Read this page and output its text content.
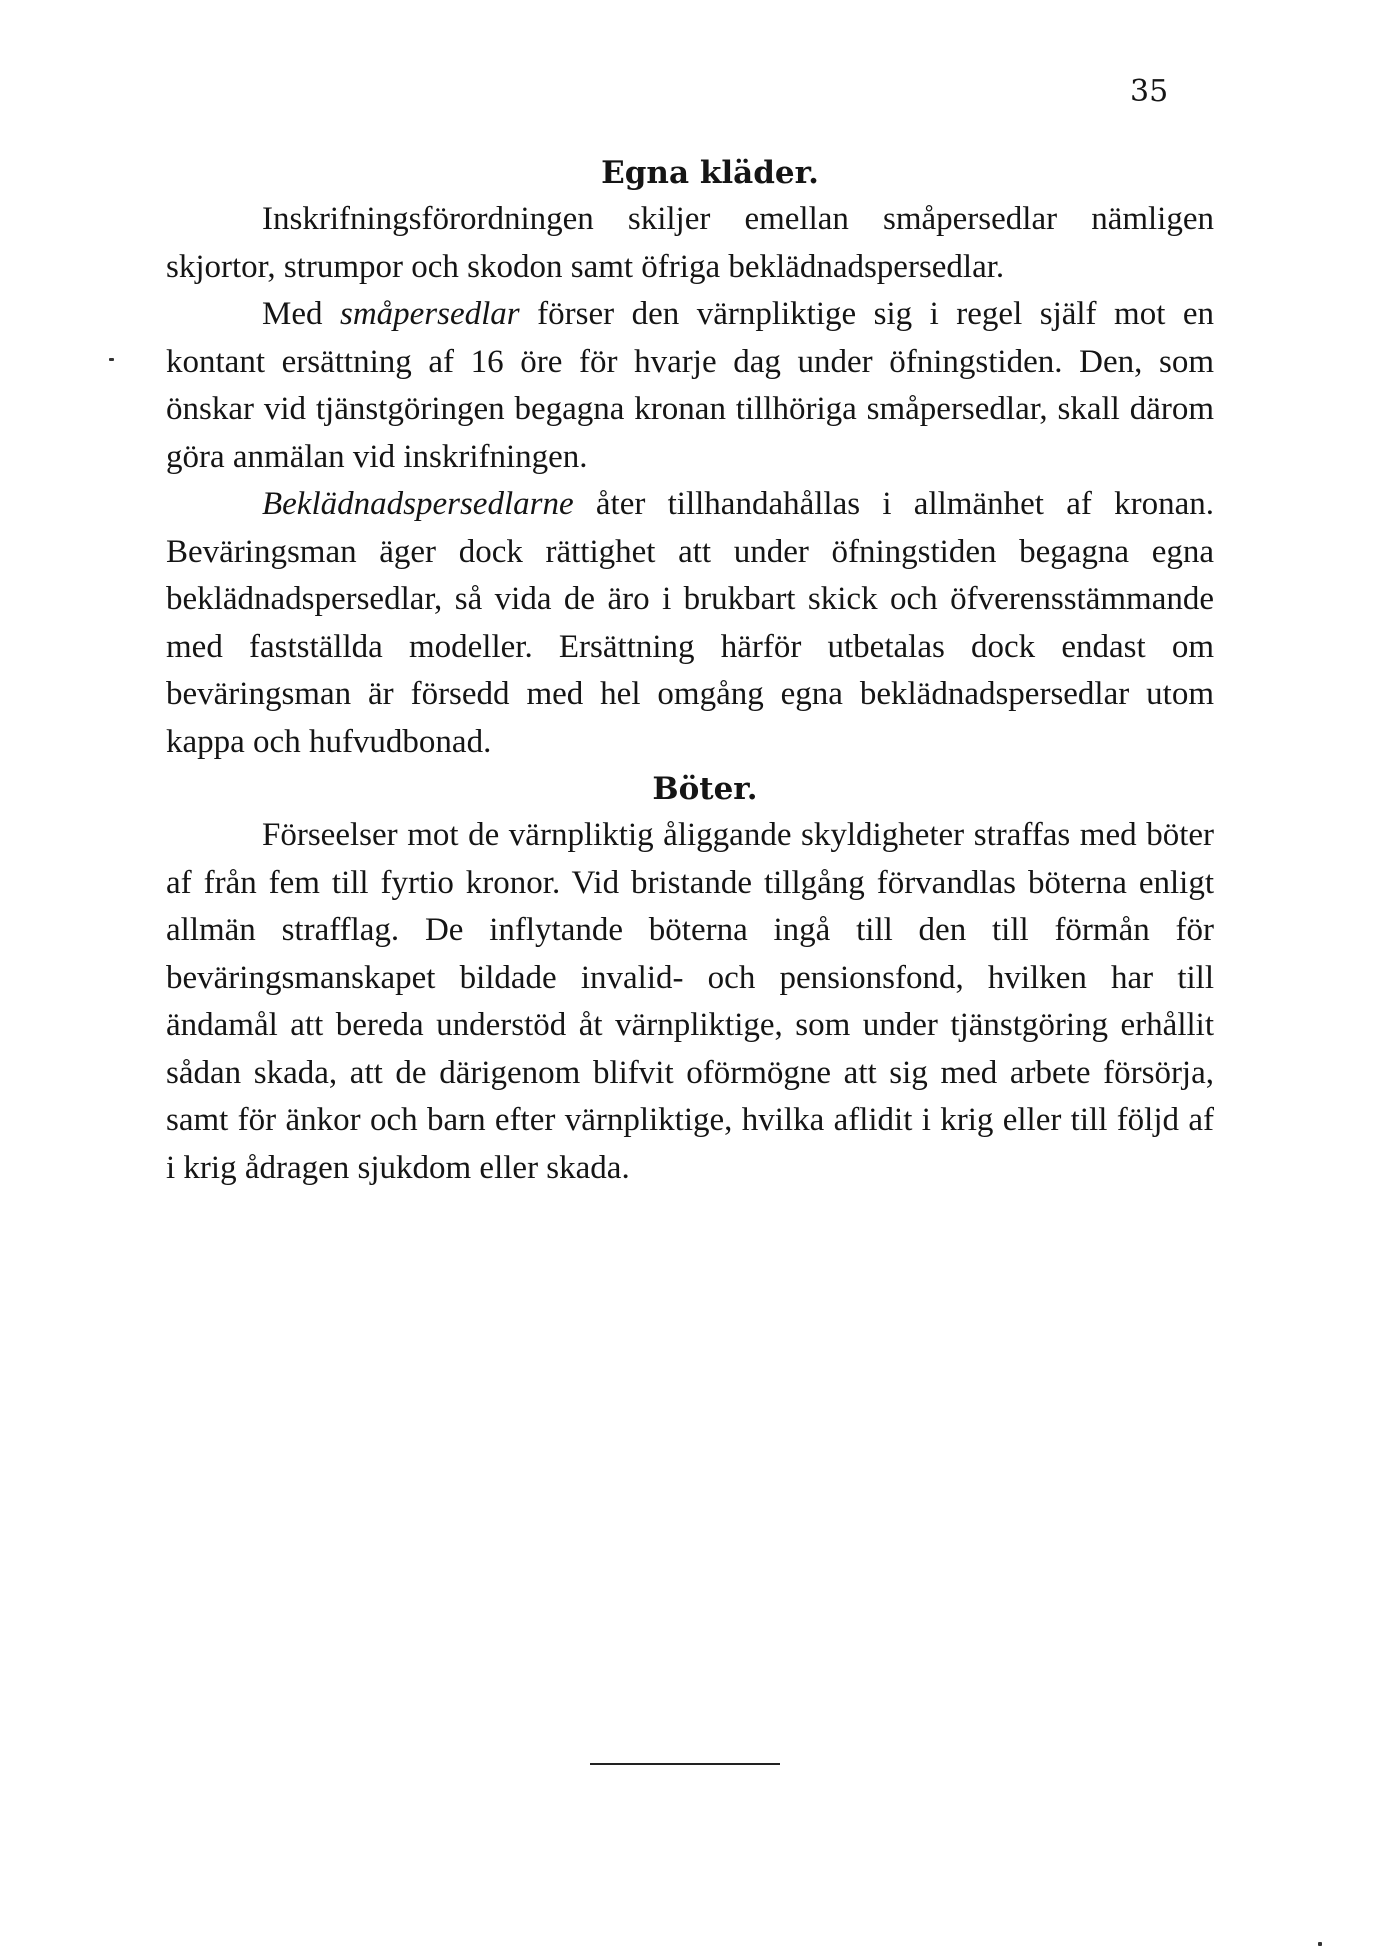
35
Egna kläder.

Inskrifningsförordningen skiljer emellan småpersedlar nämligen skjortor, strumpor och skodon samt öfriga beklädnadspersedlar.

Med småpersedlar förser den värnpliktige sig i regel själf mot en kontant ersättning af 16 öre för hvarje dag under öfningstiden. Den, som önskar vid tjänstgöringen begagna kronan tillhöriga småpersedlar, skall därom göra anmälan vid inskrifningen.

Beklädnadspersedlarne åter tillhandahållas i allmänhet af kronan. Beväringsman äger dock rättighet att under öfningstiden begagna egna beklädnadspersedlar, så vida de äro i brukbart skick och öfverensstämmande med fastställda modeller. Ersättning härför utbetalas dock endast om beväringsman är försedd med hel omgång egna beklädnadspersedlar utom kappa och hufvudbonad.

Böter.

Förseelser mot de värnpliktig åliggande skyldigheter straffas med böter af från fem till fyrtio kronor. Vid bristande tillgång förvandlas böterna enligt allmän strafflag. De inflytande böterna ingå till den till förmån för beväringsmanskapet bildade invalid- och pensionsfond, hvilken har till ändamål att bereda understöd åt värnpliktige, som under tjänstgöring erhållit sådan skada, att de därigenom blifvit oförmögne att sig med arbete försörja, samt för änkor och barn efter värnpliktige, hvilka aflidit i krig eller till följd af i krig ådragen sjukdom eller skada.
